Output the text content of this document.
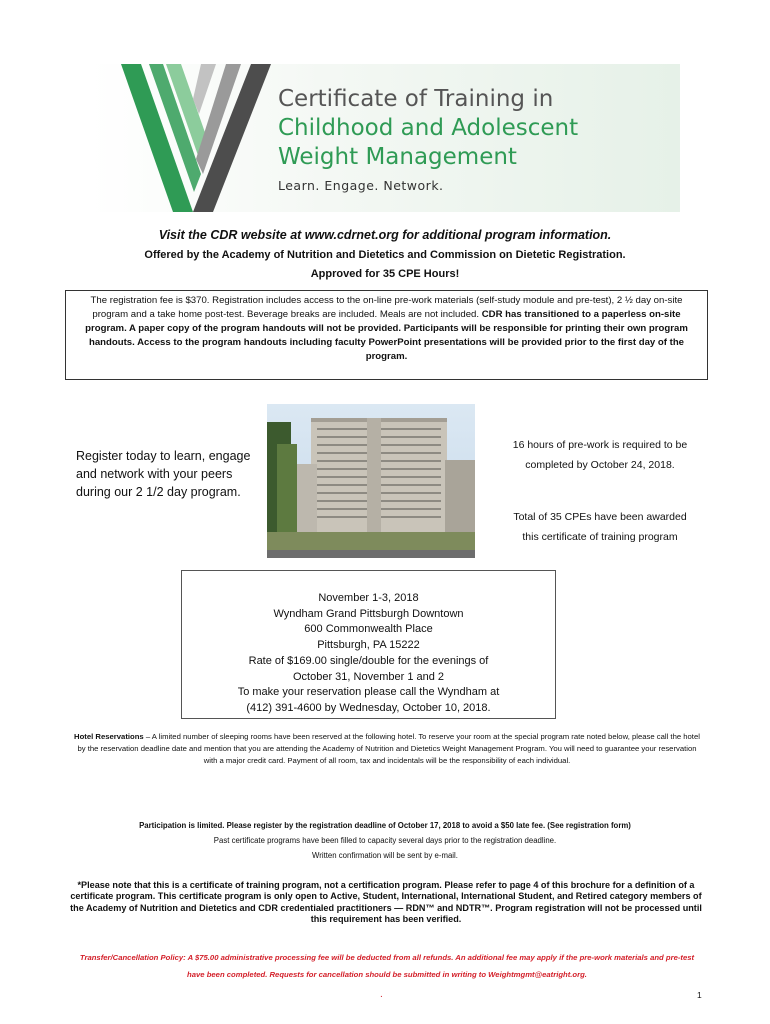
Certificate of Training in
Childhood and Adolescent
Weight Management
Learn. Engage. Network.
Visit the CDR website at www.cdrnet.org for additional program information.
Offered by the Academy of Nutrition and Dietetics and Commission on Dietetic Registration.
Approved for 35 CPE Hours!
The registration fee is $370. Registration includes access to the on-line pre-work materials (self-study module and pre-test), 2 ½ day on-site program and a take home post-test. Beverage breaks are included. Meals are not included. CDR has transitioned to a paperless on-site program. A paper copy of the program handouts will not be provided. Participants will be responsible for printing their own program handouts. Access to the program handouts including faculty PowerPoint presentations will be provided prior to the first day of the program.
Register today to learn, engage and network with your peers during our 2 1/2 day program.
16 hours of pre-work is required to be completed by October 24, 2018.
Total of 35 CPEs have been awarded this certificate of training program
November 1-3, 2018
Wyndham Grand Pittsburgh Downtown
600 Commonwealth Place
Pittsburgh, PA 15222
Rate of $169.00 single/double for the evenings of
October 31, November 1 and 2
To make your reservation please call the Wyndham at
(412) 391-4600 by Wednesday, October 10, 2018.
Hotel Reservations – A limited number of sleeping rooms have been reserved at the following hotel. To reserve your room at the special program rate noted below, please call the hotel by the reservation deadline date and mention that you are attending the Academy of Nutrition and Dietetics Weight Management Program. You will need to guarantee your reservation with a major credit card. Payment of all room, tax and incidentals will be the responsibility of each individual.
Participation is limited. Please register by the registration deadline of October 17, 2018 to avoid a $50 late fee. (See registration form)
Past certificate programs have been filled to capacity several days prior to the registration deadline.
Written confirmation will be sent by e-mail.
*Please note that this is a certificate of training program, not a certification program. Please refer to page 4 of this brochure for a definition of a certificate program. This certificate program is only open to Active, Student, International, International Student, and Retired category members of the Academy of Nutrition and Dietetics and CDR credentialed practitioners — RDN™ and NDTR™. Program registration will not be processed until this requirement has been verified.
Transfer/Cancellation Policy: A $75.00 administrative processing fee will be deducted from all refunds. An additional fee may apply if the pre-work materials and pre-test have been completed. Requests for cancellation should be submitted in writing to Weightmgmt@eatright.org.
.	1
